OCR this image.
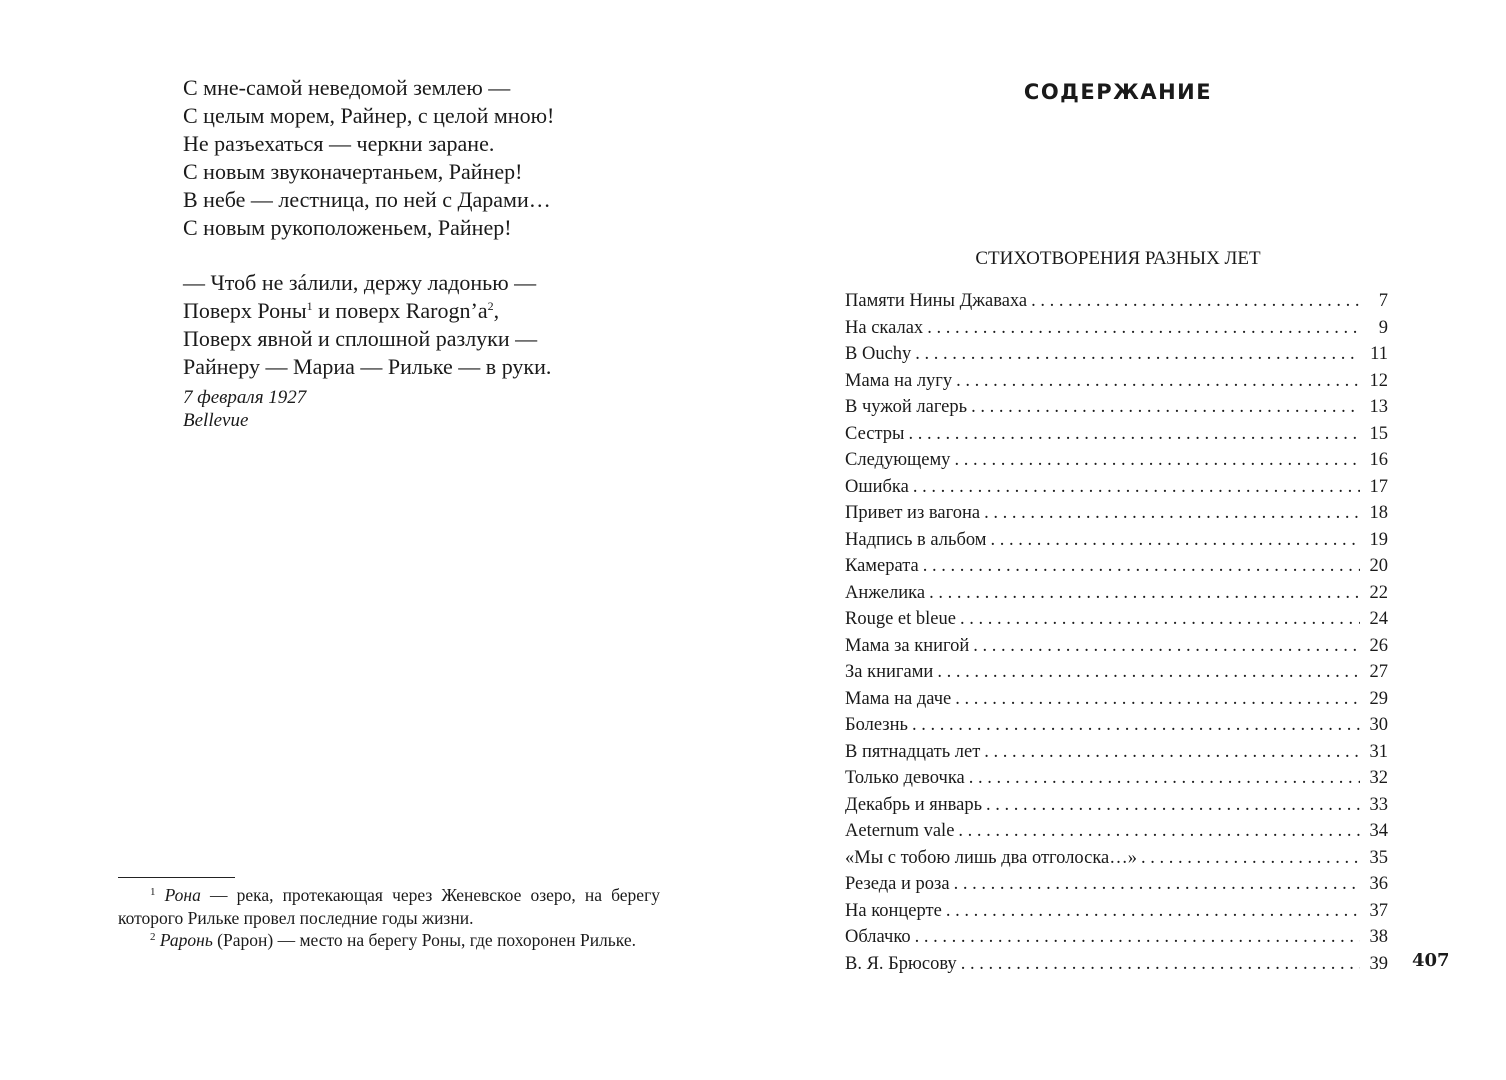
С мне-самой неведомой землею —
С целым морем, Райнер, с целой мною!
Не разъехаться — черкни заране.
С новым звуконачертаньем, Райнер!
В небе — лестница, по ней с Дарами…
С новым рукоположеньем, Райнер!
— Чтоб не зáлили, держу ладонью —
Поверх Роны$^1$ и поверх $Rarogn’a^2$,
Поверх явной и сплошной разлуки —
Райнеру — Мариа — Рильке — в руки.
7 февраля 1927
Bellevue

$^1$ Рона — река, протекающая через Женевское озеро, на берегу которого Рильке провел последние годы жизни.

$^2$ Раронь (Рарон) — место на берегу Роны, где похоронен Рильке.

СОДЕРЖАНИЕ
СТИХОТВОРЕНИЯ РАЗНЫХ ЛЕТ
Памяти Нины Джаваха . . .	7
На скалах . . .	9
В Ouchy . . .	11
Мама на лугу . . .	12
В чужой лагерь . . .	13
Сестры . . .	15
Следующему . . .	16
Ошибка . . .	17
Привет из вагона . . .	18
Надпись в альбом . . .	19
Камерата . . .	20
Анжелика . . .	22
Rouge et bleue . . .	24
Мама за книгой . . .	26
За книгами . . .	27
Мама на даче . . .	29
Болезнь . . .	30
В пятнадцать лет . . .	31
Только девочка . . .	32
Декабрь и январь . . .	33
Aeternum vale . . .	34
«Мы с тобою лишь два отголоска…» . . .	35
Резеда и роза . . .	36
На концерте . . .	37
Облачко . . .	38
В. Я. Брюсову . . .	39 407
